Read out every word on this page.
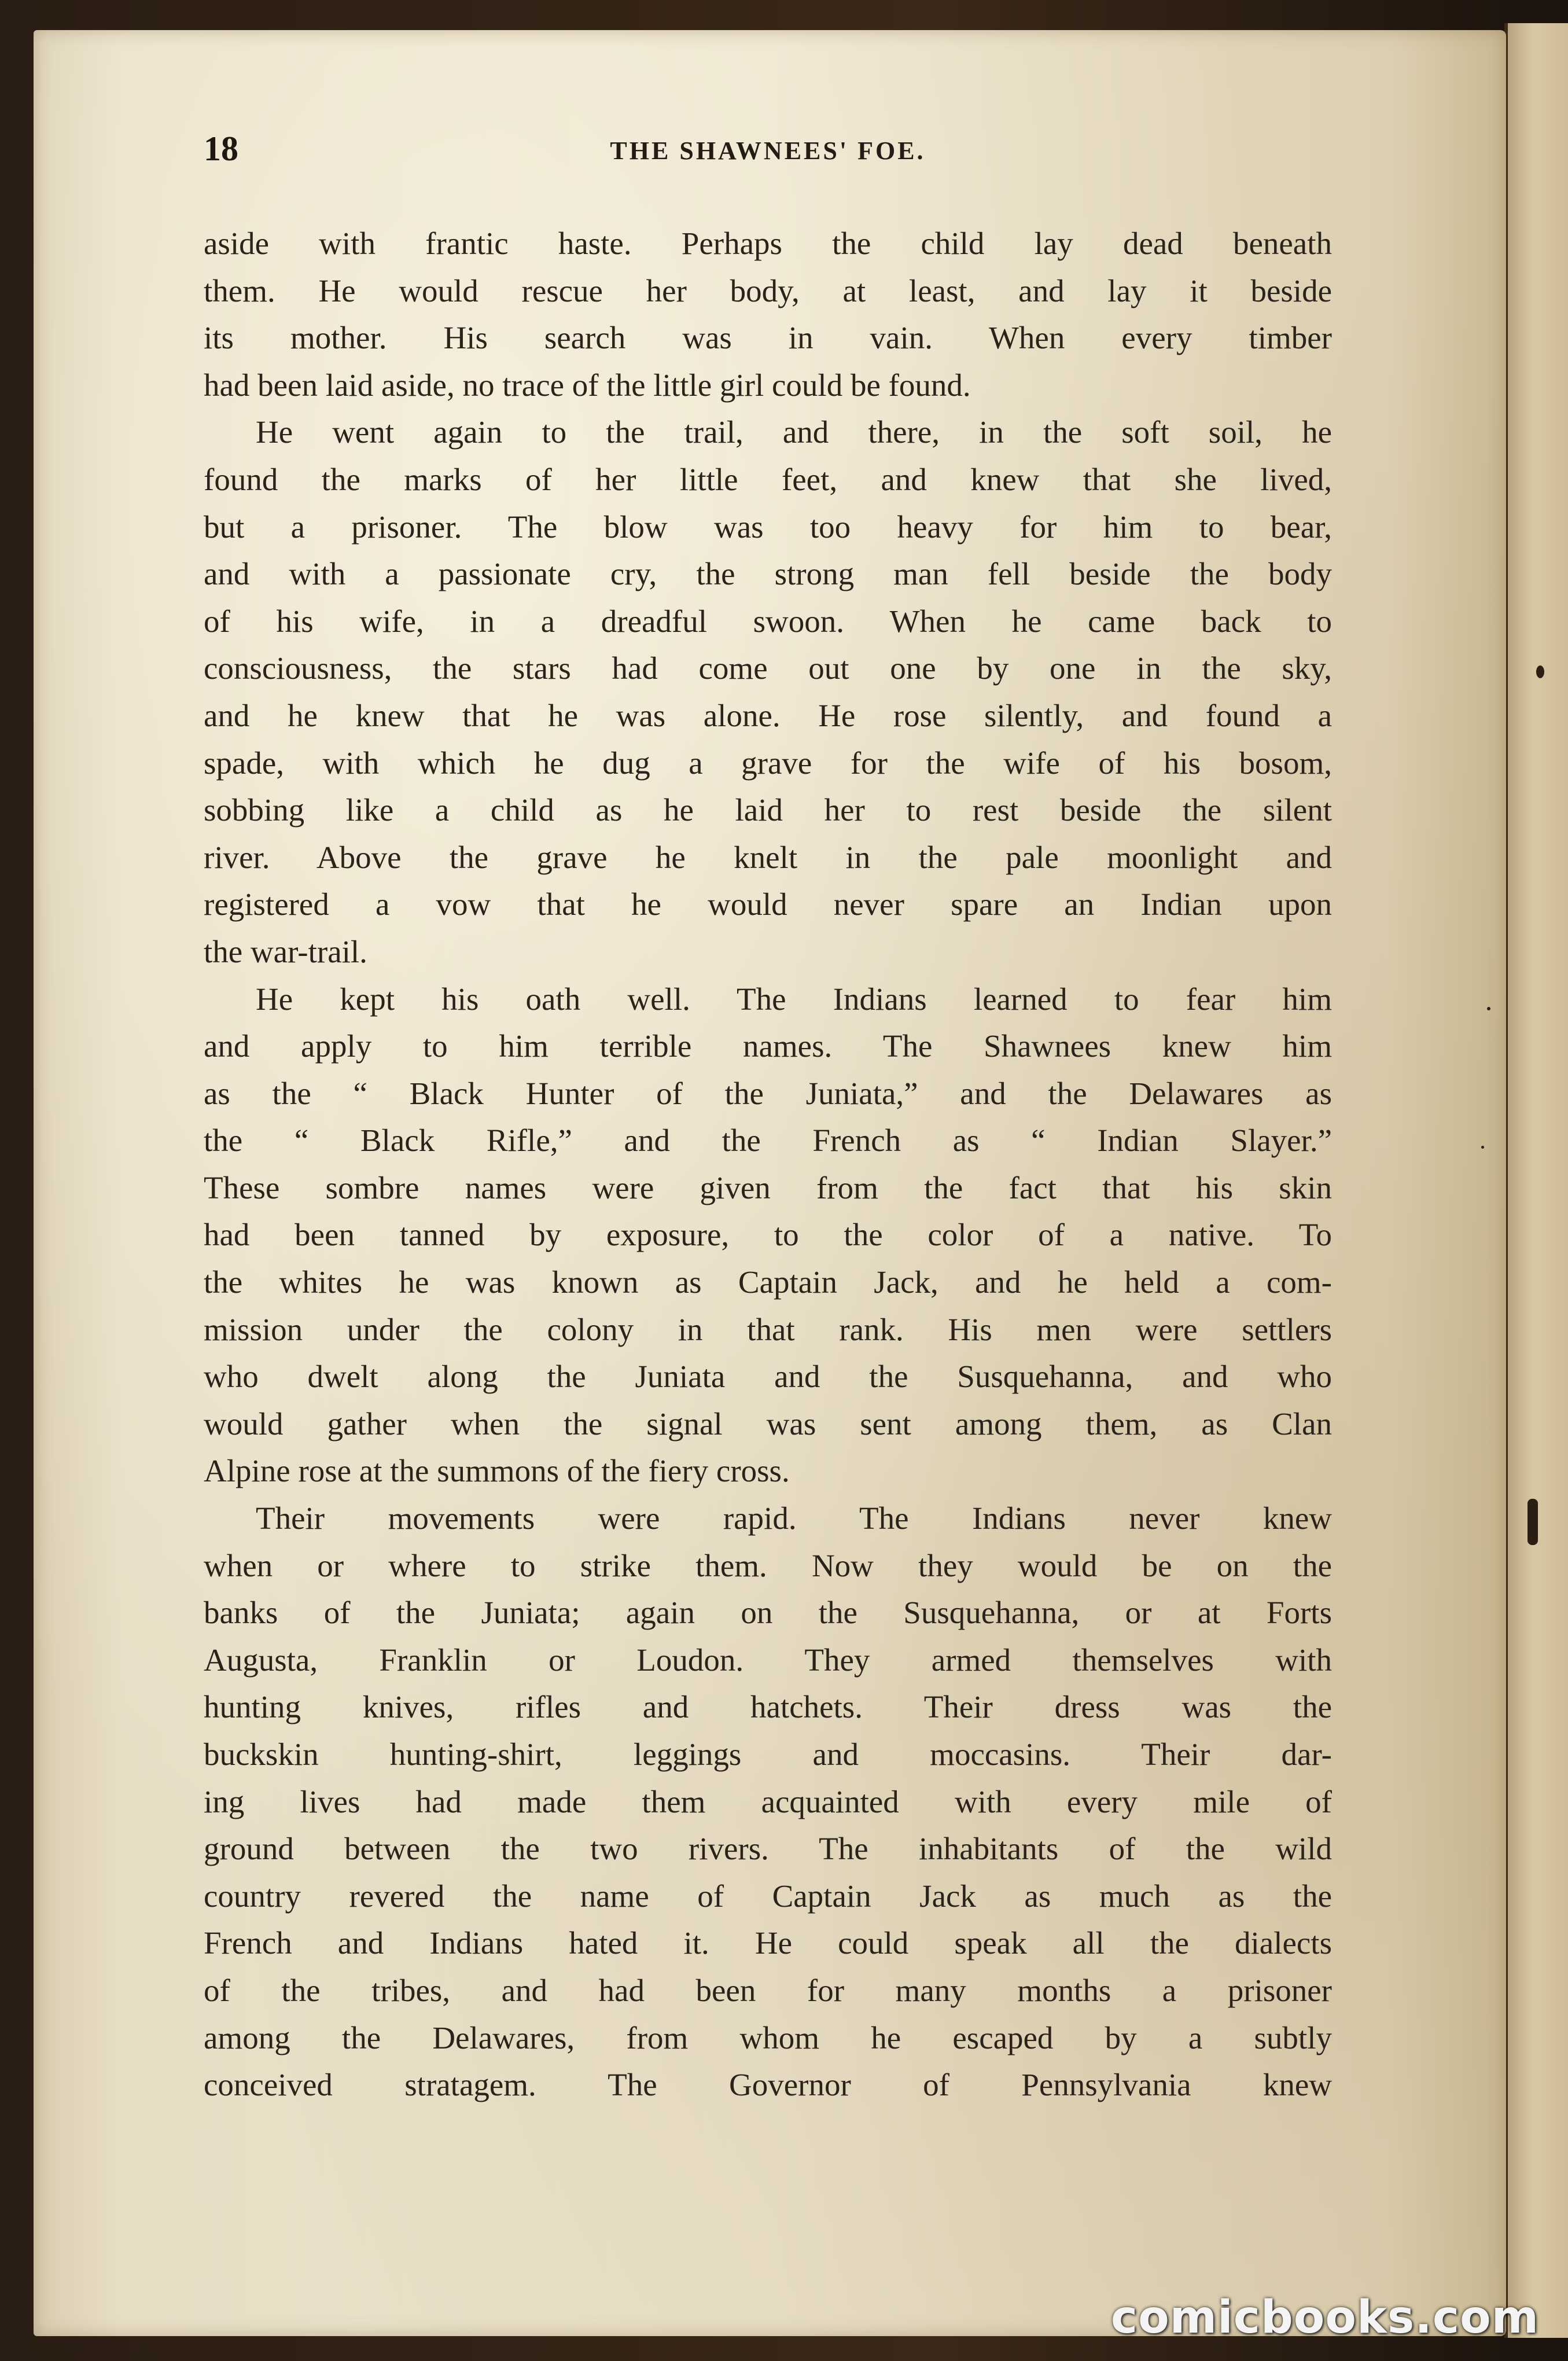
18	THE SHAWNEES' FOE.
aside with frantic haste. Perhaps the child lay dead beneath
them. He would rescue her body, at least, and lay it beside
its mother. His search was in vain. When every timber
had been laid aside, no trace of the little girl could be found.
He went again to the trail, and there, in the soft soil, he
found the marks of her little feet, and knew that she lived,
but a prisoner. The blow was too heavy for him to bear,
and with a passionate cry, the strong man fell beside the body
of his wife, in a dreadful swoon. When he came back to
consciousness, the stars had come out one by one in the sky,
and he knew that he was alone. He rose silently, and found a
spade, with which he dug a grave for the wife of his bosom,
sobbing like a child as he laid her to rest beside the silent
river. Above the grave he knelt in the pale moonlight and
registered a vow that he would never spare an Indian upon
the war-trail.
He kept his oath well. The Indians learned to fear him
and apply to him terrible names. The Shawnees knew him
as the “ Black Hunter of the Juniata,” and the Delawares as
the “ Black Rifle,” and the French as “ Indian Slayer.”
These sombre names were given from the fact that his skin
had been tanned by exposure, to the color of a native. To
the whites he was known as Captain Jack, and he held a com-
mission under the colony in that rank. His men were settlers
who dwelt along the Juniata and the Susquehanna, and who
would gather when the signal was sent among them, as Clan
Alpine rose at the summons of the fiery cross.
Their movements were rapid. The Indians never knew
when or where to strike them. Now they would be on the
banks of the Juniata; again on the Susquehanna, or at Forts
Augusta, Franklin or Loudon. They armed themselves with
hunting knives, rifles and hatchets. Their dress was the
buckskin hunting-shirt, leggings and moccasins. Their dar-
ing lives had made them acquainted with every mile of
ground between the two rivers. The inhabitants of the wild
country revered the name of Captain Jack as much as the
French and Indians hated it. He could speak all the dialects
of the tribes, and had been for many months a prisoner
among the Delawares, from whom he escaped by a subtly
conceived stratagem. The Governor of Pennsylvania knew
comicbooks.com
